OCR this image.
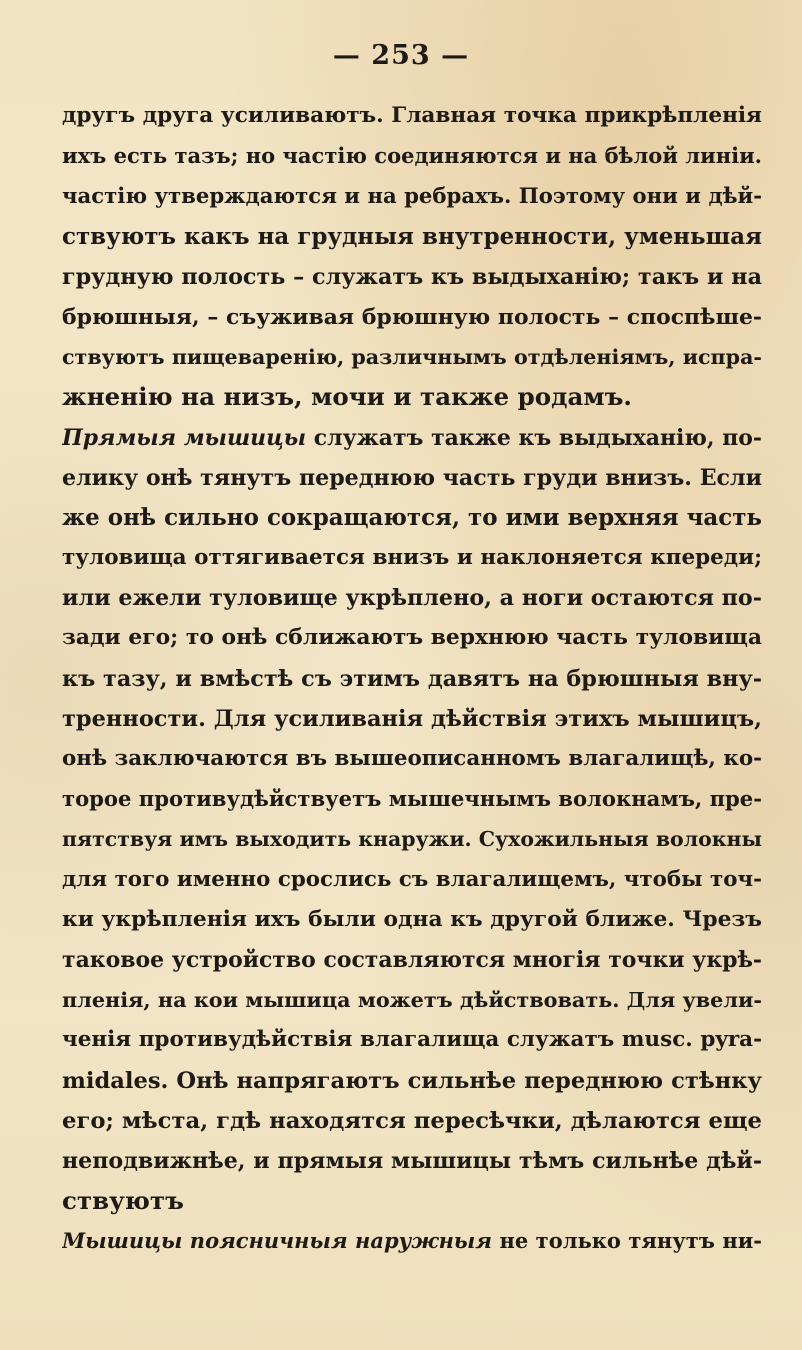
— 253 —
другъ друга усиливаютъ. Главная точка прикрѣпленія
ихъ есть тазъ; но частію соединяются и на бѣлой линіи.
частію утверждаются и на ребрахъ. Поэтому они и дѣй-
ствуютъ какъ на грудныя внутренности, уменьшая
грудную полость – служатъ къ выдыханію; такъ и на
брюшныя, – съуживая брюшную полость – споспѣше-
ствуютъ пищеваренію, различнымъ отдѣленіямъ, испра-
жненію на низъ, мочи и также родамъ.
Прямыя мышицы служатъ также къ выдыханію, по-
елику онѣ тянутъ переднюю часть груди внизъ. Если
же онѣ сильно сокращаются, то ими верхняя часть
туловища оттягивается внизъ и наклоняется кпереди;
или ежели туловище укрѣплено, а ноги остаются по-
зади его; то онѣ сближаютъ верхнюю часть туловища
къ тазу, и вмѣстѣ съ этимъ давятъ на брюшныя вну-
тренности. Для усиливанія дѣйствія этихъ мышицъ,
онѣ заключаются въ вышеописанномъ влагалищѣ, ко-
торое противудѣйствуетъ мышечнымъ волокнамъ, пре-
пятствуя имъ выходить кнаружи. Сухожильныя волокны
для того именно срослись съ влагалищемъ, чтобы точ-
ки укрѣпленія ихъ были одна къ другой ближе. Чрезъ
таковое устройство составляются многія точки укрѣ-
пленія, на кои мышица можетъ дѣйствовать. Для увели-
ченія противудѣйствія влагалища служатъ musc. pyra-
midales. Онѣ напрягаютъ сильнѣе переднюю стѣнку
его; мѣста, гдѣ находятся пересѣчки, дѣлаются еще
неподвижнѣе, и прямыя мышицы тѣмъ сильнѣе дѣй-
ствуютъ
Мышицы поясничныя наружныя не только тянутъ ни-
